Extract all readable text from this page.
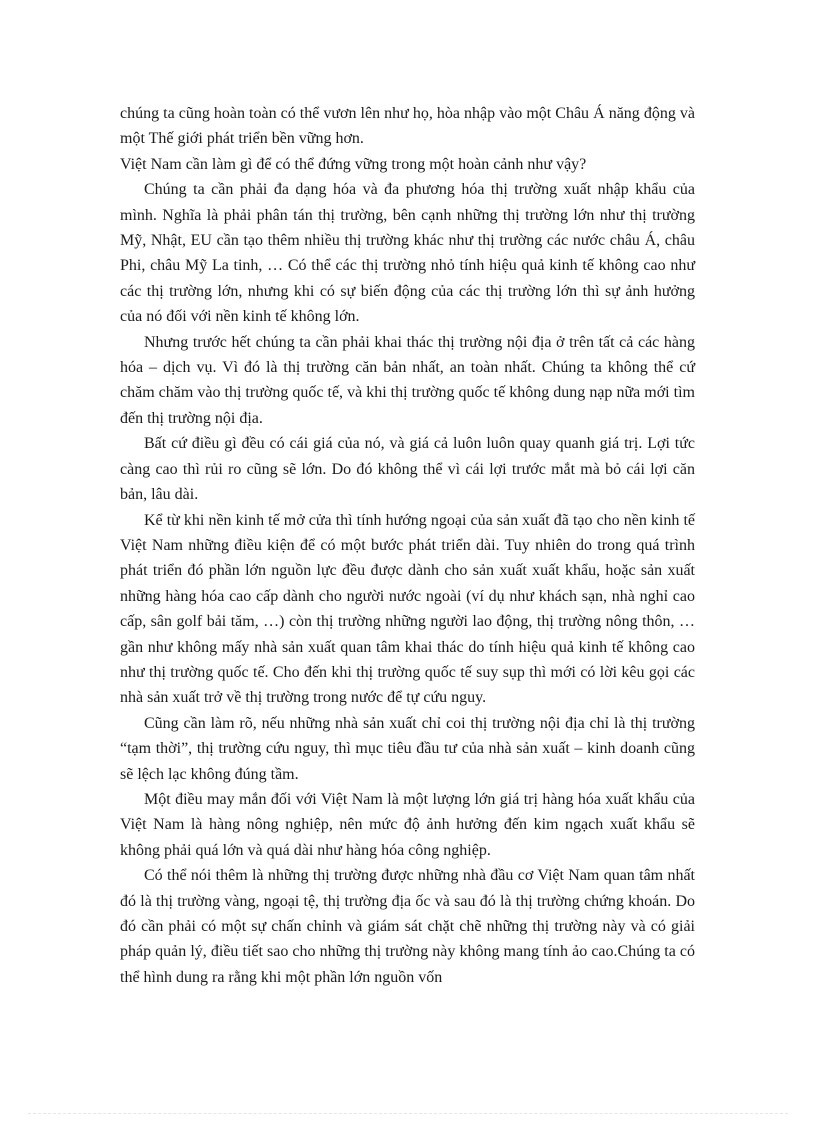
chúng ta cũng hoàn toàn có thể vươn lên như họ, hòa nhập vào một Châu Á năng động và một Thế giới phát triển bền vững hơn.

Việt Nam cần làm gì để có thể đứng vững trong một hoàn cảnh như vậy?

Chúng ta cần phải đa dạng hóa và đa phương hóa thị trường xuất nhập khẩu của mình. Nghĩa là phải phân tán thị trường, bên cạnh những thị trường lớn như thị trường Mỹ, Nhật, EU cần tạo thêm nhiều thị trường khác như thị trường các nước châu Á, châu Phi, châu Mỹ La tinh, … Có thể các thị trường nhỏ tính hiệu quả kinh tế không cao như các thị trường lớn, nhưng khi có sự biến động của các thị trường lớn thì sự ảnh hưởng của nó đối với nền kinh tế không lớn.

Nhưng trước hết chúng ta cần phải khai thác thị trường nội địa ở trên tất cả các hàng hóa – dịch vụ. Vì đó là thị trường căn bản nhất, an toàn nhất. Chúng ta không thể cứ chăm chăm vào thị trường quốc tế, và khi thị trường quốc tế không dung nạp nữa mới tìm đến thị trường nội địa.

Bất cứ điều gì đều có cái giá của nó, và giá cả luôn luôn quay quanh giá trị. Lợi tức càng cao thì rủi ro cũng sẽ lớn. Do đó không thể vì cái lợi trước mắt mà bỏ cái lợi căn bản, lâu dài.

Kể từ khi nền kinh tế mở cửa thì tính hướng ngoại của sản xuất đã tạo cho nền kinh tế Việt Nam những điều kiện để có một bước phát triển dài. Tuy nhiên do trong quá trình phát triển đó phần lớn nguồn lực đều được dành cho sản xuất xuất khẩu, hoặc sản xuất những hàng hóa cao cấp dành cho người nước ngoài (ví dụ như khách sạn, nhà nghỉ cao cấp, sân golf bải tăm, …) còn thị trường những người lao động, thị trường nông thôn, … gần như không mấy nhà sản xuất quan tâm khai thác do tính hiệu quả kinh tế không cao như thị trường quốc tế. Cho đến khi thị trường quốc tế suy sụp thì mới có lời kêu gọi các nhà sản xuất trở về thị trường trong nước để tự cứu nguy.

Cũng cần làm rõ, nếu những nhà sản xuất chỉ coi thị trường nội địa chỉ là thị trường “tạm thời”, thị trường cứu nguy, thì mục tiêu đầu tư của nhà sản xuất – kinh doanh cũng sẽ lệch lạc không đúng tầm.

Một điều may mắn đối với Việt Nam là một lượng lớn giá trị hàng hóa xuất khẩu của Việt Nam là hàng nông nghiệp, nên mức độ ảnh hưởng đến kim ngạch xuất khẩu sẽ không phải quá lớn và quá dài như hàng hóa công nghiệp.

Có thể nói thêm là những thị trường được những nhà đầu cơ Việt Nam quan tâm nhất đó là thị trường vàng, ngoại tệ, thị trường địa ốc và sau đó là thị trường chứng khoán. Do đó cần phải có một sự chấn chỉnh và giám sát chặt chẽ những thị trường này và có giải pháp quản lý, điều tiết sao cho những thị trường này không mang tính ảo cao.Chúng ta có thể hình dung ra rằng khi một phần lớn nguồn vốn
